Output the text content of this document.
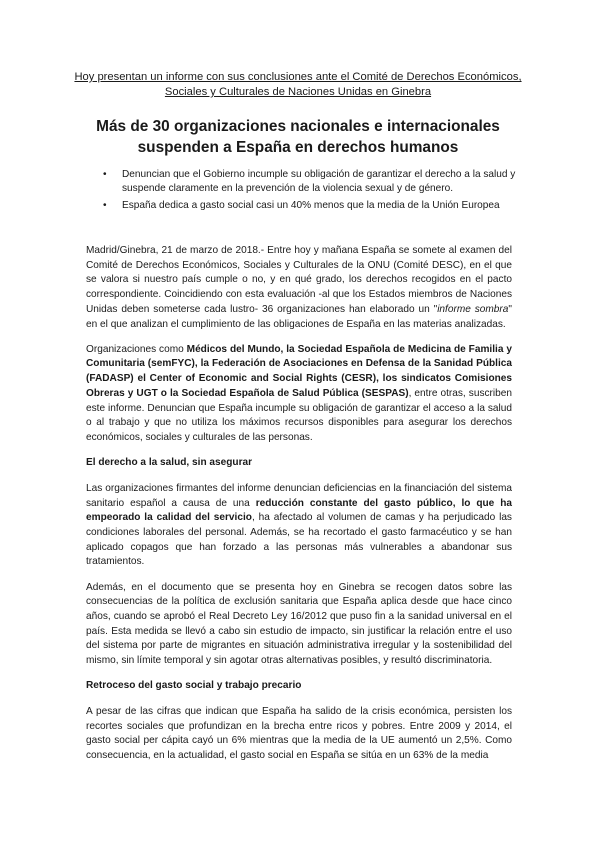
Hoy presentan un informe con sus conclusiones ante el Comité de Derechos Económicos, Sociales y Culturales de Naciones Unidas en Ginebra
Más de 30 organizaciones nacionales e internacionales suspenden a España en derechos humanos
• Denuncian que el Gobierno incumple su obligación de garantizar el derecho a la salud y suspende claramente en la prevención de la violencia sexual y de género.
• España dedica a gasto social casi un 40% menos que la media de la Unión Europea

Madrid/Ginebra, 21 de marzo de 2018.- Entre hoy y mañana España se somete al examen del Comité de Derechos Económicos, Sociales y Culturales de la ONU (Comité DESC), en el que se valora si nuestro país cumple o no, y en qué grado, los derechos recogidos en el pacto correspondiente. Coincidiendo con esta evaluación -al que los Estados miembros de Naciones Unidas deben someterse cada lustro- 36 organizaciones han elaborado un "informe sombra" en el que analizan el cumplimiento de las obligaciones de España en las materias analizadas.

Organizaciones como Médicos del Mundo, la Sociedad Española de Medicina de Familia y Comunitaria (semFYC), la Federación de Asociaciones en Defensa de la Sanidad Pública (FADASP) el Center of Economic and Social Rights (CESR), los sindicatos Comisiones Obreras y UGT o la Sociedad Española de Salud Pública (SESPAS), entre otras, suscriben este informe. Denuncian que España incumple su obligación de garantizar el acceso a la salud o al trabajo y que no utiliza los máximos recursos disponibles para asegurar los derechos económicos, sociales y culturales de las personas.

El derecho a la salud, sin asegurar

Las organizaciones firmantes del informe denuncian deficiencias en la financiación del sistema sanitario español a causa de una reducción constante del gasto público, lo que ha empeorado la calidad del servicio, ha afectado al volumen de camas y ha perjudicado las condiciones laborales del personal. Además, se ha recortado el gasto farmacéutico y se han aplicado copagos que han forzado a las personas más vulnerables a abandonar sus tratamientos.

Además, en el documento que se presenta hoy en Ginebra se recogen datos sobre las consecuencias de la política de exclusión sanitaria que España aplica desde que hace cinco años, cuando se aprobó el Real Decreto Ley 16/2012 que puso fin a la sanidad universal en el país. Esta medida se llevó a cabo sin estudio de impacto, sin justificar la relación entre el uso del sistema por parte de migrantes en situación administrativa irregular y la sostenibilidad del mismo, sin límite temporal y sin agotar otras alternativas posibles, y resultó discriminatoria.

Retroceso del gasto social y trabajo precario

A pesar de las cifras que indican que España ha salido de la crisis económica, persisten los recortes sociales que profundizan en la brecha entre ricos y pobres. Entre 2009 y 2014, el gasto social per cápita cayó un 6% mientras que la media de la UE aumentó un 2,5%. Como consecuencia, en la actualidad, el gasto social en España se sitúa en un 63% de la media
